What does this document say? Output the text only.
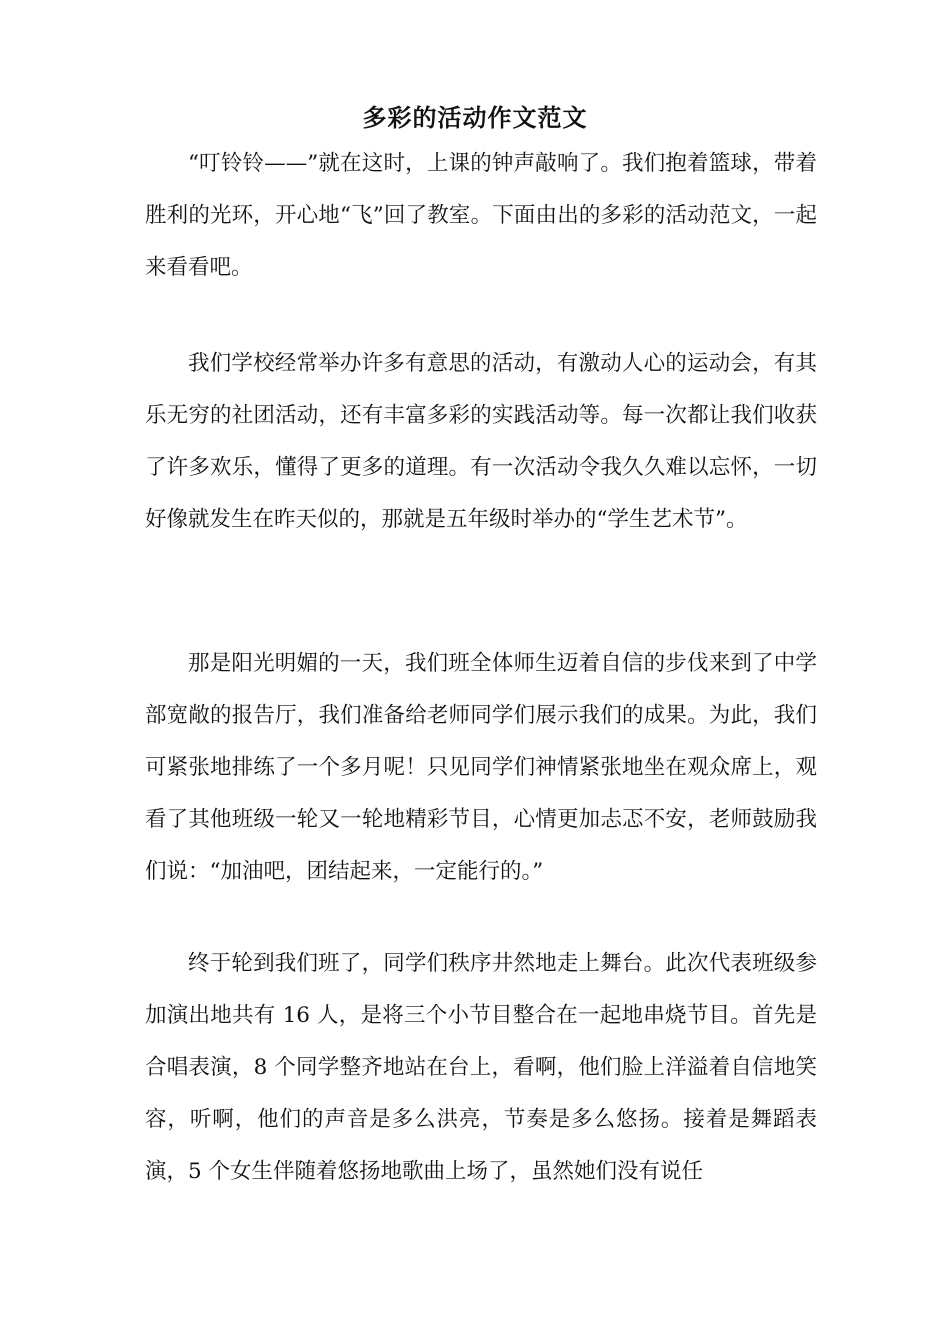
多彩的活动作文范文

“叮铃铃——”就在这时，上课的钟声敲响了。我们抱着篮球，带着胜利的光环，开心地“飞”回了教室。下面由出的多彩的活动范文，一起来看看吧。

我们学校经常举办许多有意思的活动，有激动人心的运动会，有其乐无穷的社团活动，还有丰富多彩的实践活动等。每一次都让我们收获了许多欢乐，懂得了更多的道理。有一次活动令我久久难以忘怀，一切好像就发生在昨天似的，那就是五年级时举办的“学生艺术节”。

那是阳光明媚的一天，我们班全体师生迈着自信的步伐来到了中学部宽敞的报告厅，我们准备给老师同学们展示我们的成果。为此，我们可紧张地排练了一个多月呢！只见同学们神情紧张地坐在观众席上，观看了其他班级一轮又一轮地精彩节目，心情更加忐忑不安，老师鼓励我们说：“加油吧，团结起来，一定能行的。”

终于轮到我们班了，同学们秩序井然地走上舞台。此次代表班级参加演出地共有 16 人，是将三个小节目整合在一起地串烧节目。首先是合唱表演，8 个同学整齐地站在台上，看啊，他们脸上洋溢着自信地笑容，听啊，他们的声音是多么洪亮，节奏是多么悠扬。接着是舞蹈表演，5 个女生伴随着悠扬地歌曲上场了，虽然她们没有说任
